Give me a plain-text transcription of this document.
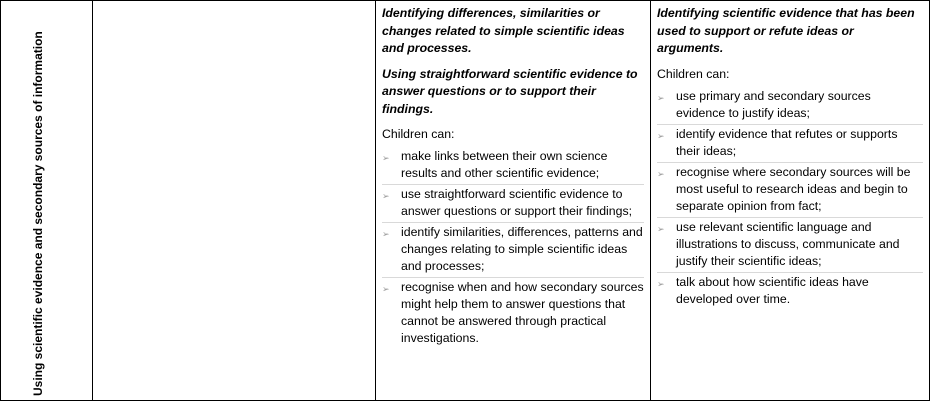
Using scientific evidence and secondary sources of information

Identifying differences, similarities or changes related to simple scientific ideas and processes.

Using straightforward scientific evidence to answer questions or to support their findings.

Children can:

➢ make links between their own science results and other scientific evidence;
➢ use straightforward scientific evidence to answer questions or support their findings;
➢ identify similarities, differences, patterns and changes relating to simple scientific ideas and processes;
➢ recognise when and how secondary sources might help them to answer questions that cannot be answered through practical investigations.

Identifying scientific evidence that has been used to support or refute ideas or arguments.

Children can:

➢ use primary and secondary sources evidence to justify ideas;
➢ identify evidence that refutes or supports their ideas;
➢ recognise where secondary sources will be most useful to research ideas and begin to separate opinion from fact;
➢ use relevant scientific language and illustrations to discuss, communicate and justify their scientific ideas;
➢ talk about how scientific ideas have developed over time.
